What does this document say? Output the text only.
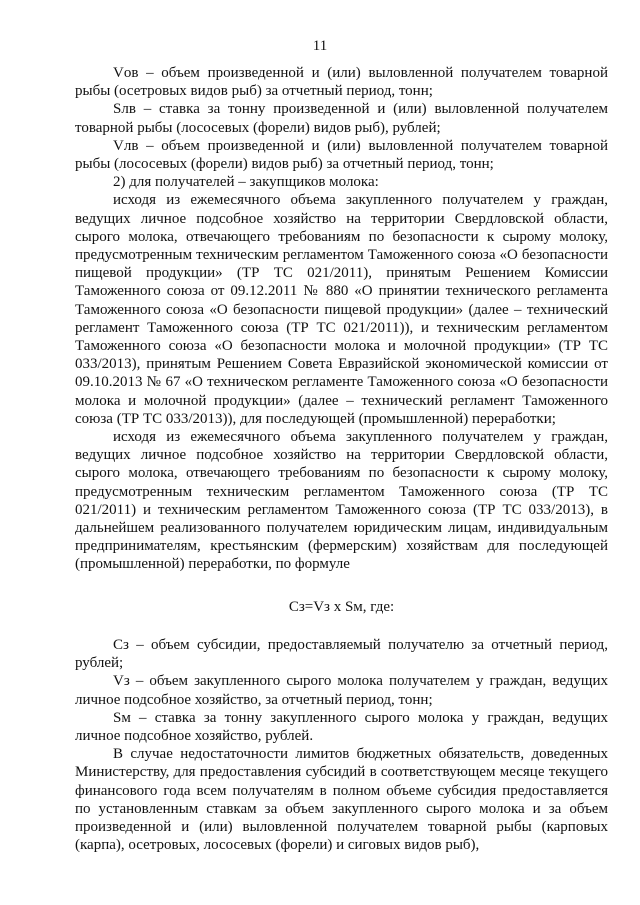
11

Vов – объем произведенной и (или) выловленной получателем товарной рыбы (осетровых видов рыб) за отчетный период, тонн;

Sлв – ставка за тонну произведенной и (или) выловленной получателем товарной рыбы (лососевых (форели) видов рыб), рублей;

Vлв – объем произведенной и (или) выловленной получателем товарной рыбы (лососевых (форели) видов рыб) за отчетный период, тонн;

2) для получателей – закупщиков молока:

исходя из ежемесячного объема закупленного получателем у граждан, ведущих личное подсобное хозяйство на территории Свердловской области, сырого молока, отвечающего требованиям по безопасности к сырому молоку, предусмотренным техническим регламентом Таможенного союза «О безопасности пищевой продукции» (ТР ТС 021/2011), принятым Решением Комиссии Таможенного союза от 09.12.2011 № 880 «О принятии технического регламента Таможенного союза «О безопасности пищевой продукции» (далее – технический регламент Таможенного союза (ТР ТС 021/2011)), и техническим регламентом Таможенного союза «О безопасности молока и молочной продукции» (ТР ТС 033/2013), принятым Решением Совета Евразийской экономической комиссии от 09.10.2013 № 67 «О техническом регламенте Таможенного союза «О безопасности молока и молочной продукции» (далее – технический регламент Таможенного союза (ТР ТС 033/2013)), для последующей (промышленной) переработки;

исходя из ежемесячного объема закупленного получателем у граждан, ведущих личное подсобное хозяйство на территории Свердловской области, сырого молока, отвечающего требованиям по безопасности к сырому молоку, предусмотренным техническим регламентом Таможенного союза (ТР ТС 021/2011) и техническим регламентом Таможенного союза (ТР ТС 033/2013), в дальнейшем реализованного получателем юридическим лицам, индивидуальным предпринимателям, крестьянским (фермерским) хозяйствам для последующей (промышленной) переработки, по формуле

Cз=Vз x Sм, где:

Cз – объем субсидии, предоставляемый получателю за отчетный период, рублей;

Vз – объем закупленного сырого молока получателем у граждан, ведущих личное подсобное хозяйство, за отчетный период, тонн;

Sм – ставка за тонну закупленного сырого молока у граждан, ведущих личное подсобное хозяйство, рублей.

В случае недостаточности лимитов бюджетных обязательств, доведенных Министерству, для предоставления субсидий в соответствующем месяце текущего финансового года всем получателям в полном объеме субсидия предоставляется по установленным ставкам за объем закупленного сырого молока и за объем произведенной и (или) выловленной получателем товарной рыбы (карповых (карпа), осетровых, лососевых (форели) и сиговых видов рыб),
